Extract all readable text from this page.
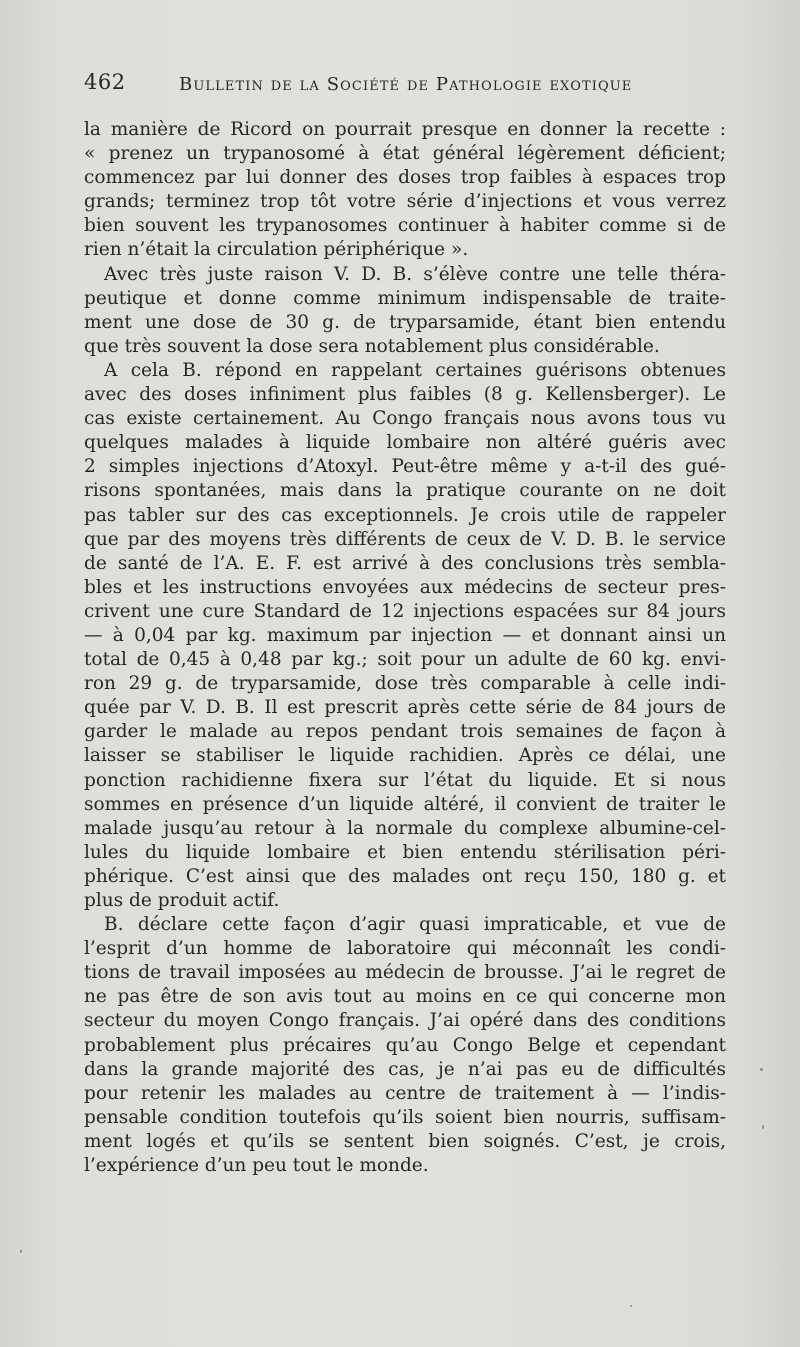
462	Bulletin de la Société de Pathologie exotique
la manière de Ricord on pourrait presque en donner la recette :
« prenez un trypanosomé à état général légèrement déficient;
commencez par lui donner des doses trop faibles à espaces trop
grands; terminez trop tôt votre série d’injections et vous verrez
bien souvent les trypanosomes continuer à habiter comme si de
rien n’était la circulation périphérique ».
Avec très juste raison V. D. B. s’élève contre une telle théra-
peutique et donne comme minimum indispensable de traite-
ment une dose de 30 g. de tryparsamide, étant bien entendu
que très souvent la dose sera notablement plus considérable.
A cela B. répond en rappelant certaines guérisons obtenues
avec des doses infiniment plus faibles (8 g. Kellensberger). Le
cas existe certainement. Au Congo français nous avons tous vu
quelques malades à liquide lombaire non altéré guéris avec
2 simples injections d’Atoxyl. Peut-être même y a-t-il des gué-
risons spontanées, mais dans la pratique courante on ne doit
pas tabler sur des cas exceptionnels. Je crois utile de rappeler
que par des moyens très différents de ceux de V. D. B. le service
de santé de l’A. E. F. est arrivé à des conclusions très sembla-
bles et les instructions envoyées aux médecins de secteur pres-
crivent une cure Standard de 12 injections espacées sur 84 jours
— à 0,04 par kg. maximum par injection — et donnant ainsi un
total de 0,45 à 0,48 par kg.; soit pour un adulte de 60 kg. envi-
ron 29 g. de tryparsamide, dose très comparable à celle indi-
quée par V. D. B. Il est prescrit après cette série de 84 jours de
garder le malade au repos pendant trois semaines de façon à
laisser se stabiliser le liquide rachidien. Après ce délai, une
ponction rachidienne fixera sur l’état du liquide. Et si nous
sommes en présence d’un liquide altéré, il convient de traiter le
malade jusqu’au retour à la normale du complexe albumine-cel-
lules du liquide lombaire et bien entendu stérilisation péri-
phérique. C’est ainsi que des malades ont reçu 150, 180 g. et
plus de produit actif.
B. déclare cette façon d’agir quasi impraticable, et vue de
l’esprit d’un homme de laboratoire qui méconnaît les condi-
tions de travail imposées au médecin de brousse. J’ai le regret de
ne pas être de son avis tout au moins en ce qui concerne mon
secteur du moyen Congo français. J’ai opéré dans des conditions
probablement plus précaires qu’au Congo Belge et cependant
dans la grande majorité des cas, je n’ai pas eu de difficultés
pour retenir les malades au centre de traitement à — l’indis-
pensable condition toutefois qu’ils soient bien nourris, suffisam-
ment logés et qu’ils se sentent bien soignés. C’est, je crois,
l’expérience d’un peu tout le monde.
